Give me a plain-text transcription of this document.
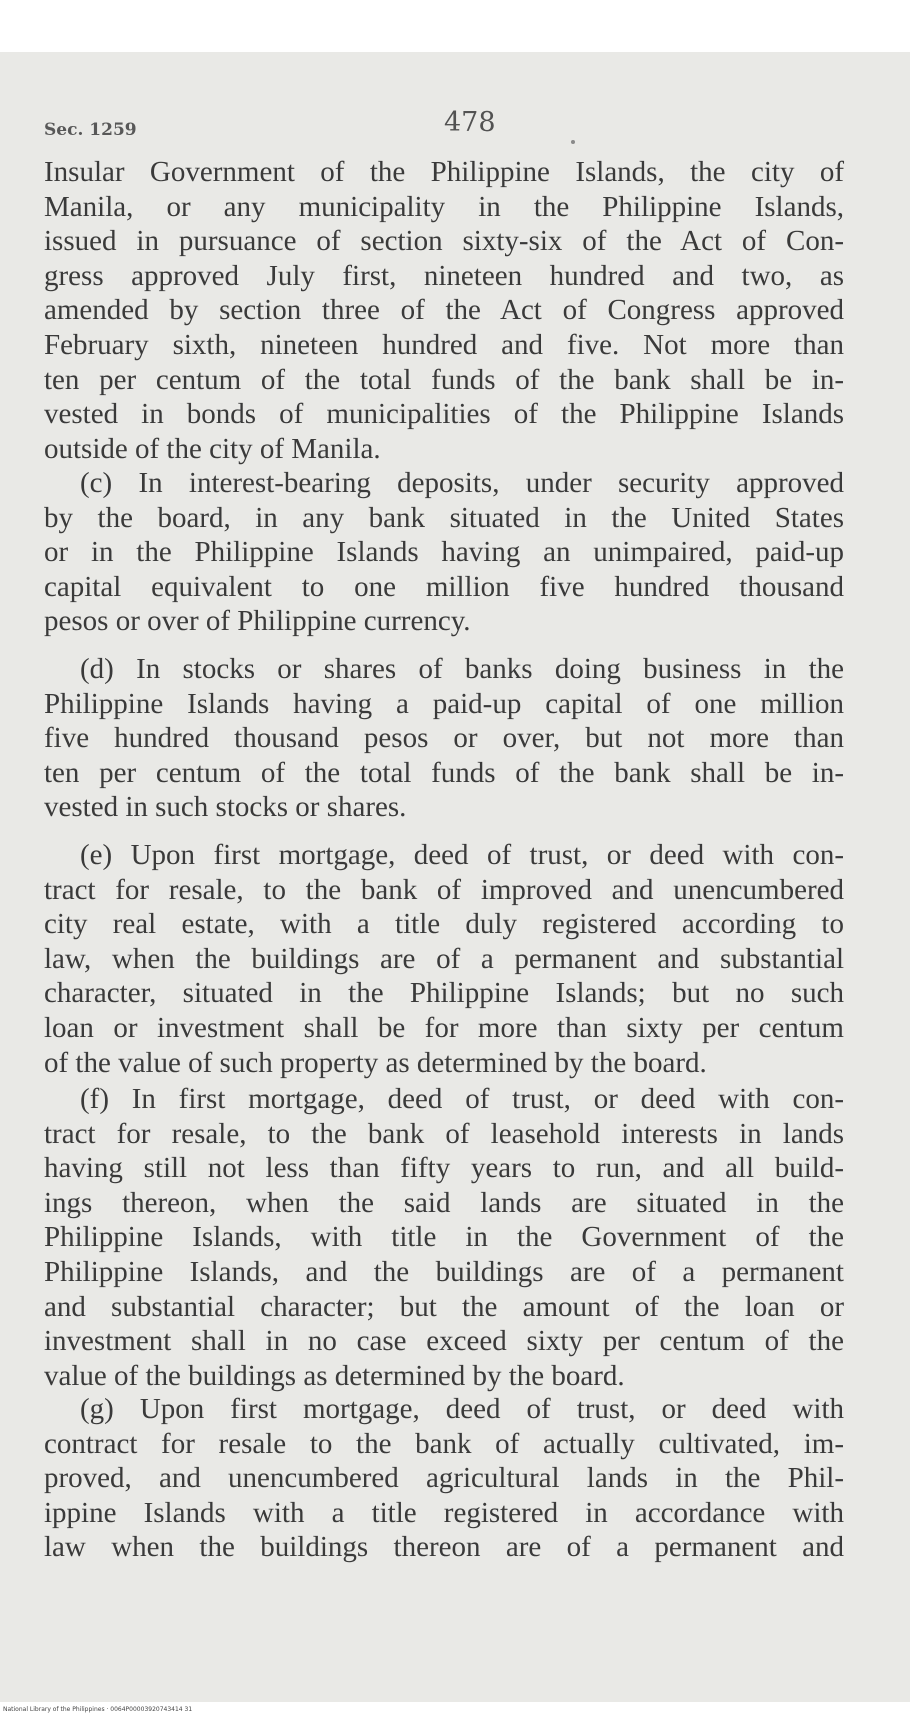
Sec. 1259	478

Insular Government of the Philippine Islands, the city of
Manila, or any municipality in the Philippine Islands,
issued in pursuance of section sixty-six of the Act of Con-
gress approved July first, nineteen hundred and two, as
amended by section three of the Act of Congress approved
February sixth, nineteen hundred and five. Not more than
ten per centum of the total funds of the bank shall be in-
vested in bonds of municipalities of the Philippine Islands
outside of the city of Manila.

(c) In interest-bearing deposits, under security approved
by the board, in any bank situated in the United States
or in the Philippine Islands having an unimpaired, paid-up
capital equivalent to one million five hundred thousand
pesos or over of Philippine currency.

(d) In stocks or shares of banks doing business in the
Philippine Islands having a paid-up capital of one million
five hundred thousand pesos or over, but not more than
ten per centum of the total funds of the bank shall be in-
vested in such stocks or shares.

(e) Upon first mortgage, deed of trust, or deed with con-
tract for resale, to the bank of improved and unencumbered
city real estate, with a title duly registered according to
law, when the buildings are of a permanent and substantial
character, situated in the Philippine Islands; but no such
loan or investment shall be for more than sixty per centum
of the value of such property as determined by the board.

(f) In first mortgage, deed of trust, or deed with con-
tract for resale, to the bank of leasehold interests in lands
having still not less than fifty years to run, and all build-
ings thereon, when the said lands are situated in the
Philippine Islands, with title in the Government of the
Philippine Islands, and the buildings are of a permanent
and substantial character; but the amount of the loan or
investment shall in no case exceed sixty per centum of the
value of the buildings as determined by the board.

(g) Upon first mortgage, deed of trust, or deed with
contract for resale to the bank of actually cultivated, im-
proved, and unencumbered agricultural lands in the Phil-
ippine Islands with a title registered in accordance with
law when the buildings thereon are of a permanent and

National Library of the Philippines · 0064P00003920743414 31
